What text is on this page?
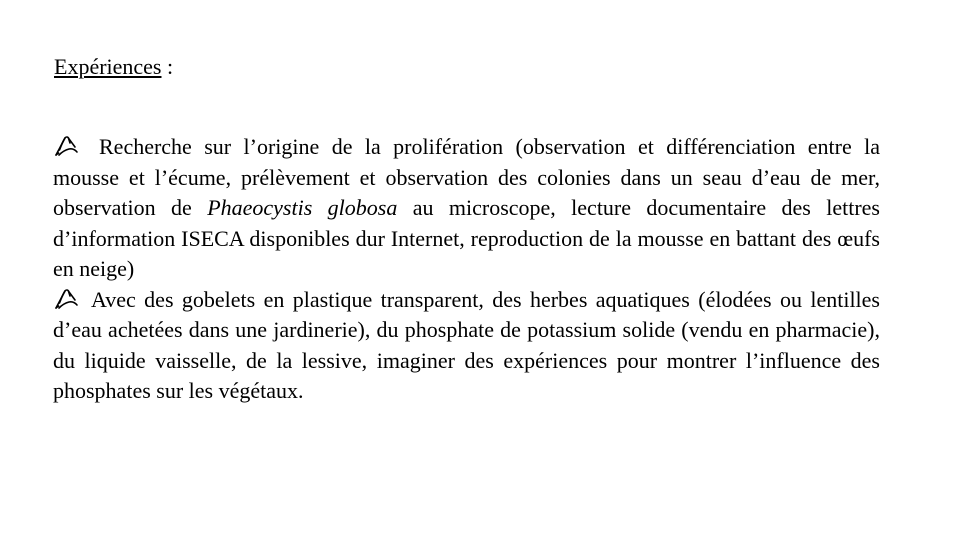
Expériences :

Recherche sur l’origine de la prolifération (observation et différenciation entre la mousse et l’écume, prélèvement et observation des colonies dans un seau d’eau de mer, observation de Phaeocystis globosa au microscope, lecture documentaire des lettres d’information ISECA disponibles dur Internet, reproduction de la mousse en battant des œufs en neige)

Avec des gobelets en plastique transparent, des herbes aquatiques (élodées ou lentilles d’eau achetées dans une jardinerie), du phosphate de potassium solide (vendu en pharmacie), du liquide vaisselle, de la lessive, imaginer des expériences pour montrer l’influence des phosphates sur les végétaux.
